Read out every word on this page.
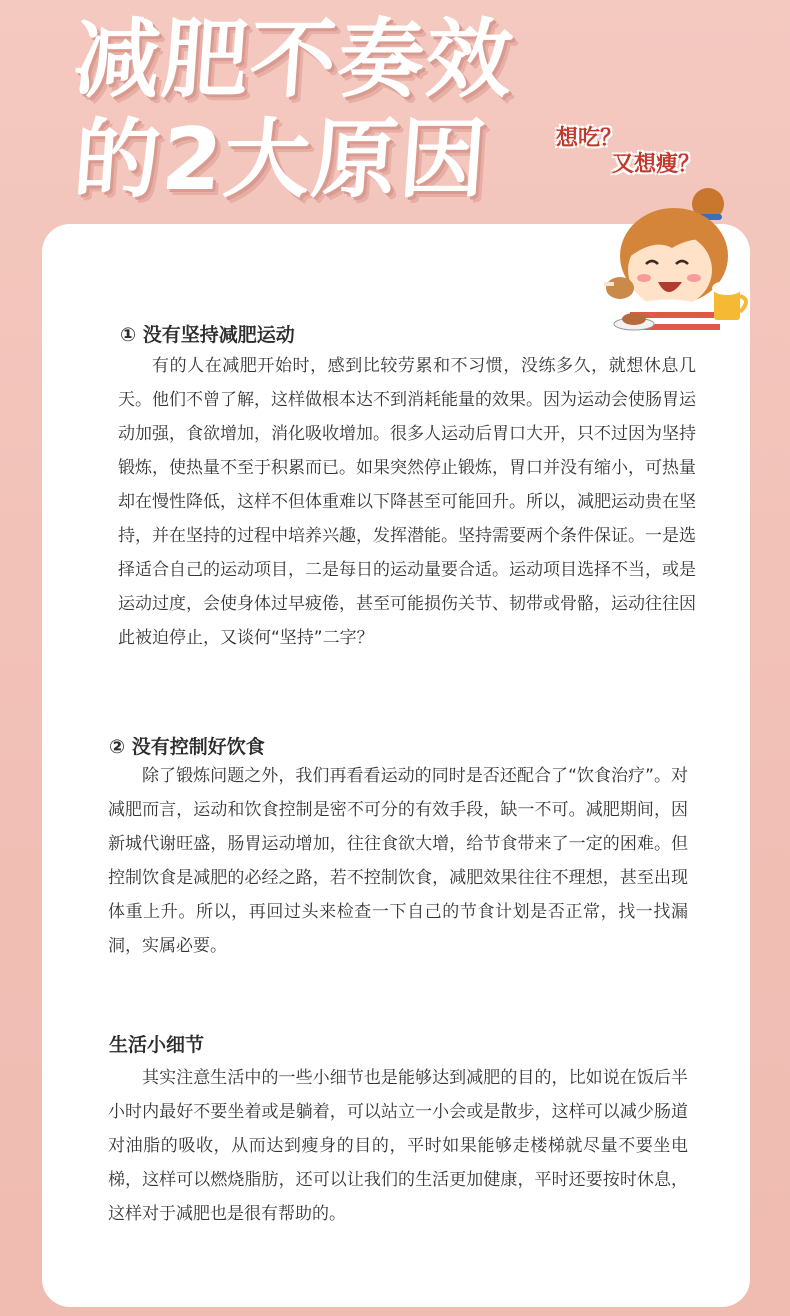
减肥不奏效
的2大原因	想吃？
又想瘦？
① 没有坚持减肥运动
有的人在减肥开始时，感到比较劳累和不习惯，没练多久，就想休息几天。他们不曾了解，这样做根本达不到消耗能量的效果。因为运动会使肠胃运动加强，食欲增加，消化吸收增加。很多人运动后胃口大开，只不过因为坚持锻炼，使热量不至于积累而已。如果突然停止锻炼，胃口并没有缩小，可热量却在慢性降低，这样不但体重难以下降甚至可能回升。所以，减肥运动贵在坚持，并在坚持的过程中培养兴趣，发挥潜能。坚持需要两个条件保证。一是选择适合自己的运动项目，二是每日的运动量要合适。运动项目选择不当，或是运动过度，会使身体过早疲倦，甚至可能损伤关节、韧带或骨骼，运动往往因此被迫停止，又谈何“坚持”二字？
② 没有控制好饮食
除了锻炼问题之外，我们再看看运动的同时是否还配合了“饮食治疗”。对减肥而言，运动和饮食控制是密不可分的有效手段，缺一不可。减肥期间，因新城代谢旺盛，肠胃运动增加，往往食欲大增，给节食带来了一定的困难。但控制饮食是减肥的必经之路，若不控制饮食，减肥效果往往不理想，甚至出现体重上升。所以，再回过头来检查一下自己的节食计划是否正常，找一找漏洞，实属必要。
生活小细节
其实注意生活中的一些小细节也是能够达到减肥的目的，比如说在饭后半小时内最好不要坐着或是躺着，可以站立一小会或是散步，这样可以减少肠道对油脂的吸收，从而达到瘦身的目的，平时如果能够走楼梯就尽量不要坐电梯，这样可以燃烧脂肪，还可以让我们的生活更加健康，平时还要按时休息，这样对于减肥也是很有帮助的。
